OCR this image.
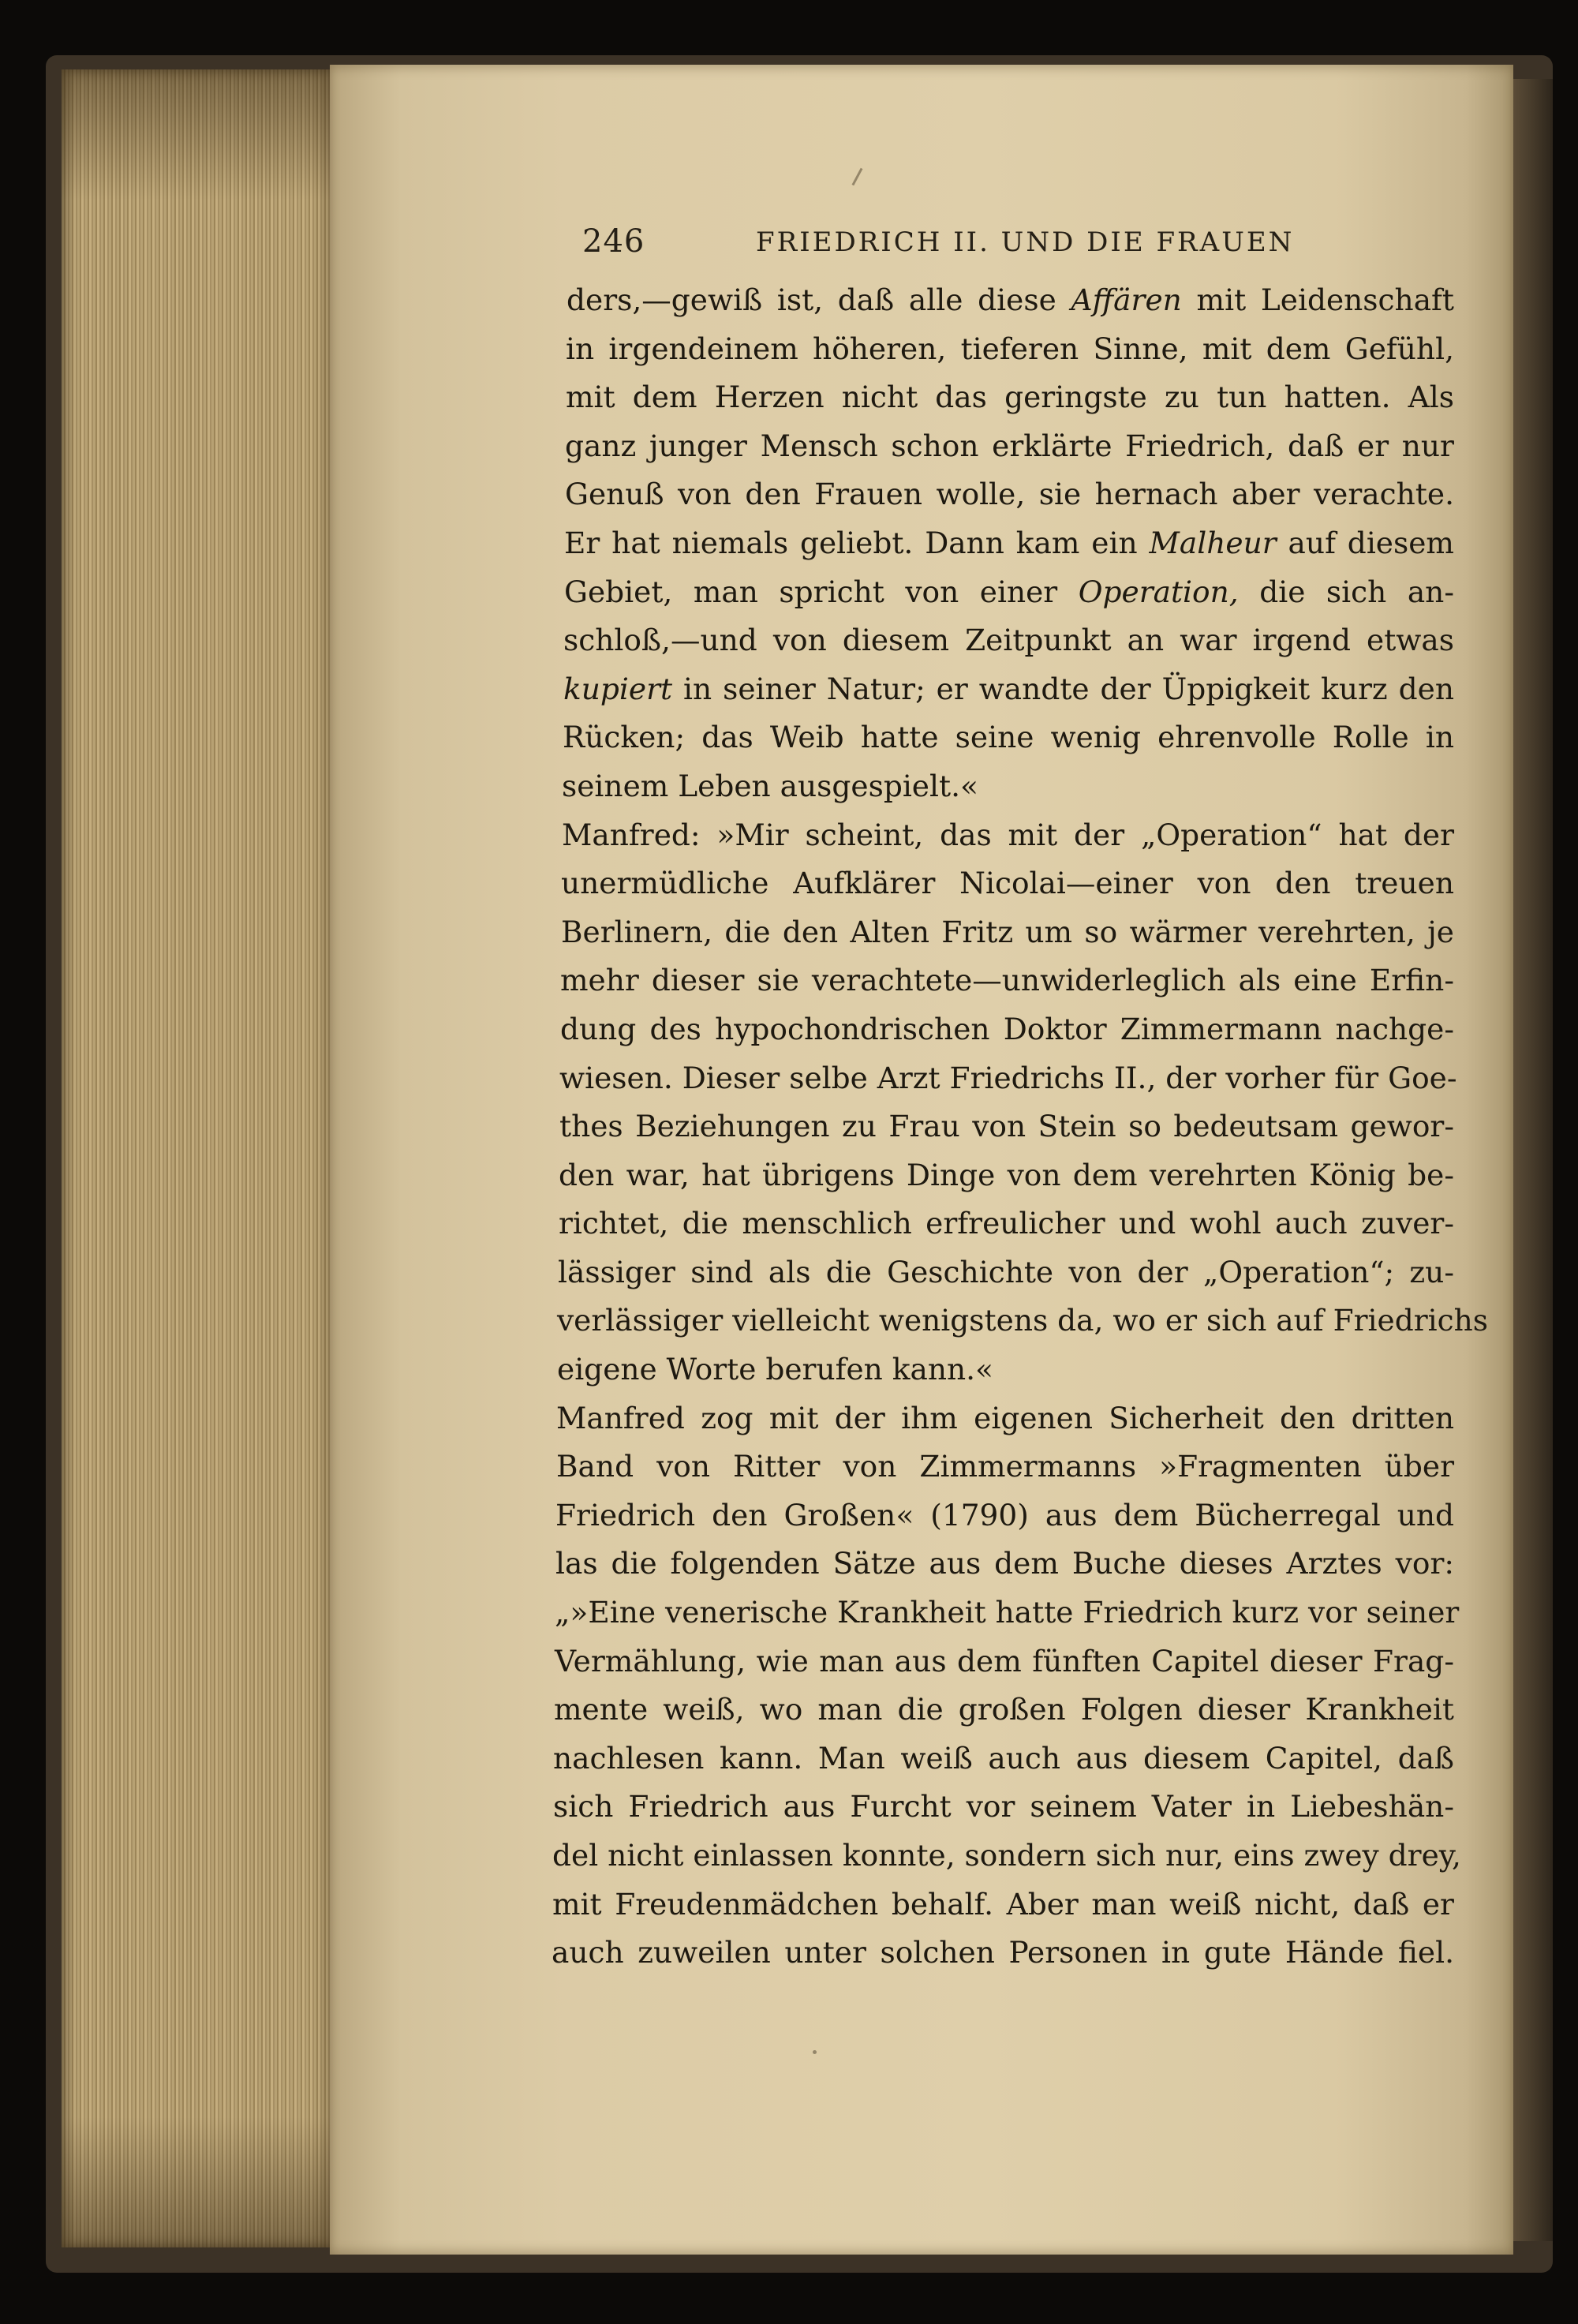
246	FRIEDRICH II. UND DIE FRAUEN
ders,—gewiß ist, daß alle diese Affären mit Leidenschaft
in irgendeinem höheren, tieferen Sinne, mit dem Gefühl,
mit dem Herzen nicht das geringste zu tun hatten. Als
ganz junger Mensch schon erklärte Friedrich, daß er nur
Genuß von den Frauen wolle, sie hernach aber verachte.
Er hat niemals geliebt. Dann kam ein Malheur auf diesem
Gebiet, man spricht von einer Operation, die sich an-
schloß,—und von diesem Zeitpunkt an war irgend etwas
kupiert in seiner Natur; er wandte der Üppigkeit kurz den
Rücken; das Weib hatte seine wenig ehrenvolle Rolle in
seinem Leben ausgespielt.«
Manfred: »Mir scheint, das mit der „Operation“ hat der
unermüdliche Aufklärer Nicolai—einer von den treuen
Berlinern, die den Alten Fritz um so wärmer verehrten, je
mehr dieser sie verachtete—unwiderleglich als eine Erfin-
dung des hypochondrischen Doktor Zimmermann nachge-
wiesen. Dieser selbe Arzt Friedrichs II., der vorher für Goe-
thes Beziehungen zu Frau von Stein so bedeutsam gewor-
den war, hat übrigens Dinge von dem verehrten König be-
richtet, die menschlich erfreulicher und wohl auch zuver-
lässiger sind als die Geschichte von der „Operation“; zu-
verlässiger vielleicht wenigstens da, wo er sich auf Friedrichs
eigene Worte berufen kann.«
Manfred zog mit der ihm eigenen Sicherheit den dritten
Band von Ritter von Zimmermanns »Fragmenten über
Friedrich den Großen« (1790) aus dem Bücherregal und
las die folgenden Sätze aus dem Buche dieses Arztes vor:
„»Eine venerische Krankheit hatte Friedrich kurz vor seiner
Vermählung, wie man aus dem fünften Capitel dieser Frag-
mente weiß, wo man die großen Folgen dieser Krankheit
nachlesen kann. Man weiß auch aus diesem Capitel, daß
sich Friedrich aus Furcht vor seinem Vater in Liebeshän-
del nicht einlassen konnte, sondern sich nur, eins zwey drey,
mit Freudenmädchen behalf. Aber man weiß nicht, daß er
auch zuweilen unter solchen Personen in gute Hände fiel.
